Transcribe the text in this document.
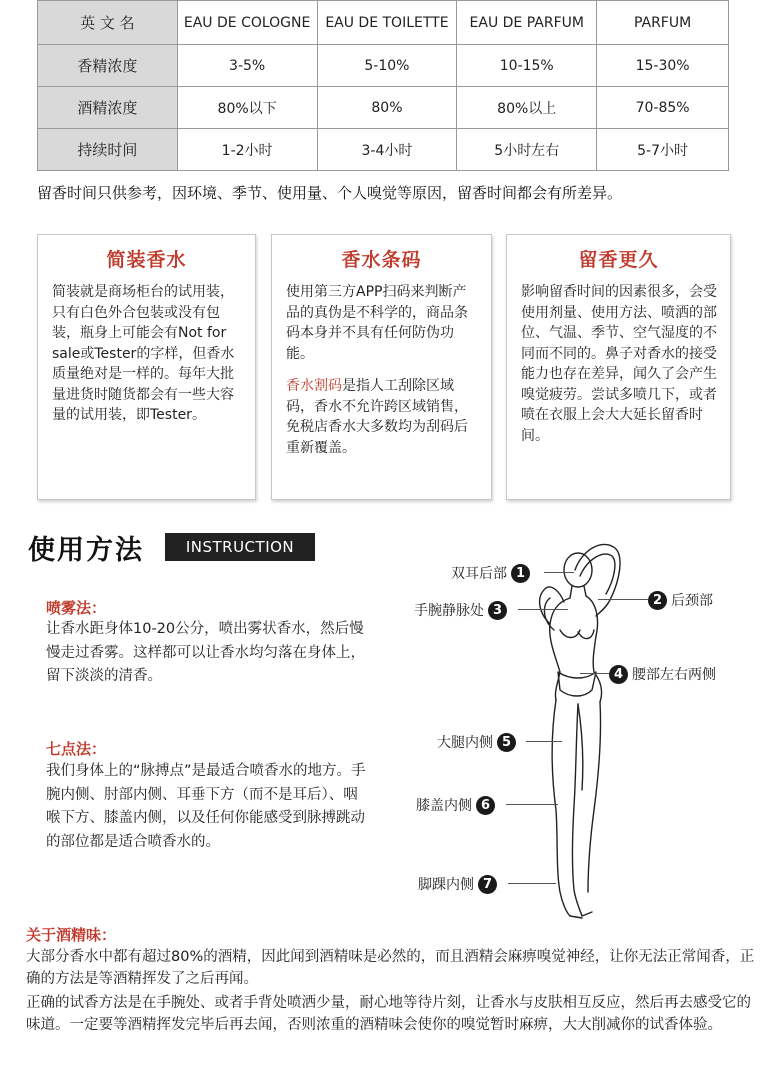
英 文 名	EAU DE COLOGNE	EAU DE TOILETTE	EAU DE PARFUM	PARFUM
香精浓度	3-5%	5-10%	10-15%	15-30%
酒精浓度	80%以下	80%	80%以上	70-85%
持续时间	1-2小时	3-4小时	5小时左右	5-7小时
留香时间只供参考，因环境、季节、使用量、个人嗅觉等原因，留香时间都会有所差异。
简装香水
简装就是商场柜台的试用装，只有白色外合包装或没有包装，瓶身上可能会有Not for sale或Tester的字样，但香水质量绝对是一样的。每年大批量进货时随货都会有一些大容量的试用装，即Tester。
香水条码
使用第三方APP扫码来判断产品的真伪是不科学的，商品条码本身并不具有任何防伪功能。
香水割码是指人工刮除区域码，香水不允许跨区域销售，免税店香水大多数均为刮码后重新覆盖。
留香更久
影响留香时间的因素很多，会受使用剂量、使用方法、喷洒的部位、气温、季节、空气湿度的不同而不同的。鼻子对香水的接受能力也存在差异，闻久了会产生嗅觉疲劳。尝试多喷几下，或者喷在衣服上会大大延长留香时间。
使用方法	INSTRUCTION
喷雾法：
让香水距身体10-20公分，喷出雾状香水，然后慢慢走过香雾。这样都可以让香水均匀落在身体上，留下淡淡的清香。
七点法：
我们身体上的“脉搏点”是最适合喷香水的地方。手腕内侧、肘部内侧、耳垂下方（而不是耳后）、咽喉下方、膝盖内侧，以及任何你能感受到脉搏跳动的部位都是适合喷香水的。
双耳后部 1
2 后颈部
手腕静脉处 3
4 腰部左右两侧
大腿内侧 5
膝盖内侧 6
脚踝内侧 7
关于酒精味：
大部分香水中都有超过80%的酒精，因此闻到酒精味是必然的，而且酒精会麻痹嗅觉神经，让你无法正常闻香，正确的方法是等酒精挥发了之后再闻。
正确的试香方法是在手腕处、或者手背处喷洒少量，耐心地等待片刻，让香水与皮肤相互反应，然后再去感受它的味道。一定要等酒精挥发完毕后再去闻，否则浓重的酒精味会使你的嗅觉暂时麻痹，大大削减你的试香体验。
